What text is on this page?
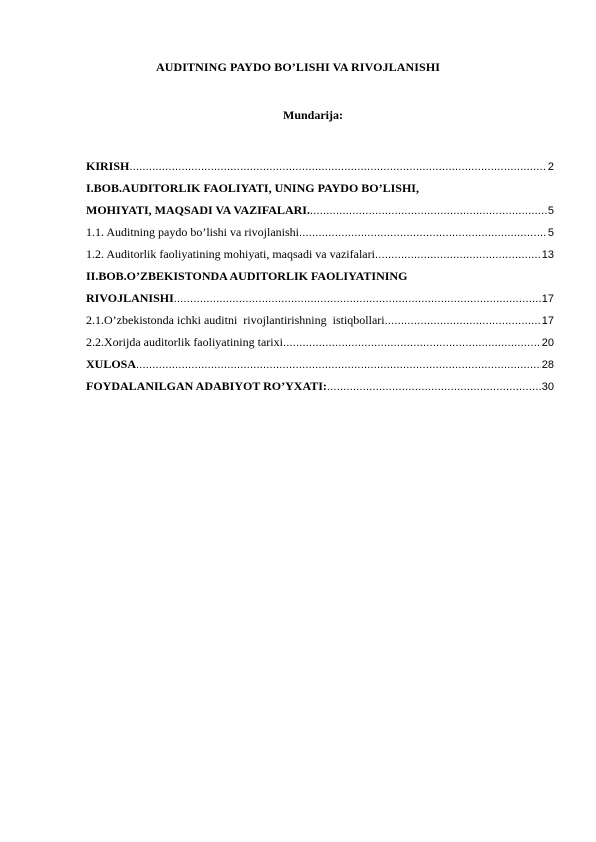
AUDITNING PAYDO BO’LISHI VA RIVOJLANISHI
Mundarija:
KIRISH .....	2
I.BOB.AUDITORLIK FAOLIYATI, UNING PAYDO BO’LISHI,
MOHIYATI, MAQSADI VA VAZIFALARI. .....	5
1.1. Auditning paydo bo’lishi va rivojlanishi .....	5
1.2. Auditorlik faoliyatining mohiyati, maqsadi va vazifalari .....	13
II.BOB.O’ZBEKISTONDA AUDITORLIK FAOLIYATINING
RIVOJLANISHI .....	17
2.1.O’zbekistonda ichki auditni  rivojlantirishning  istiqbollari .....	17
2.2.Xorijda auditorlik faoliyatining tarixi .....	20
XULOSA .....	28
FOYDALANILGAN ADABIYOT RO’YXATI: .....	30
